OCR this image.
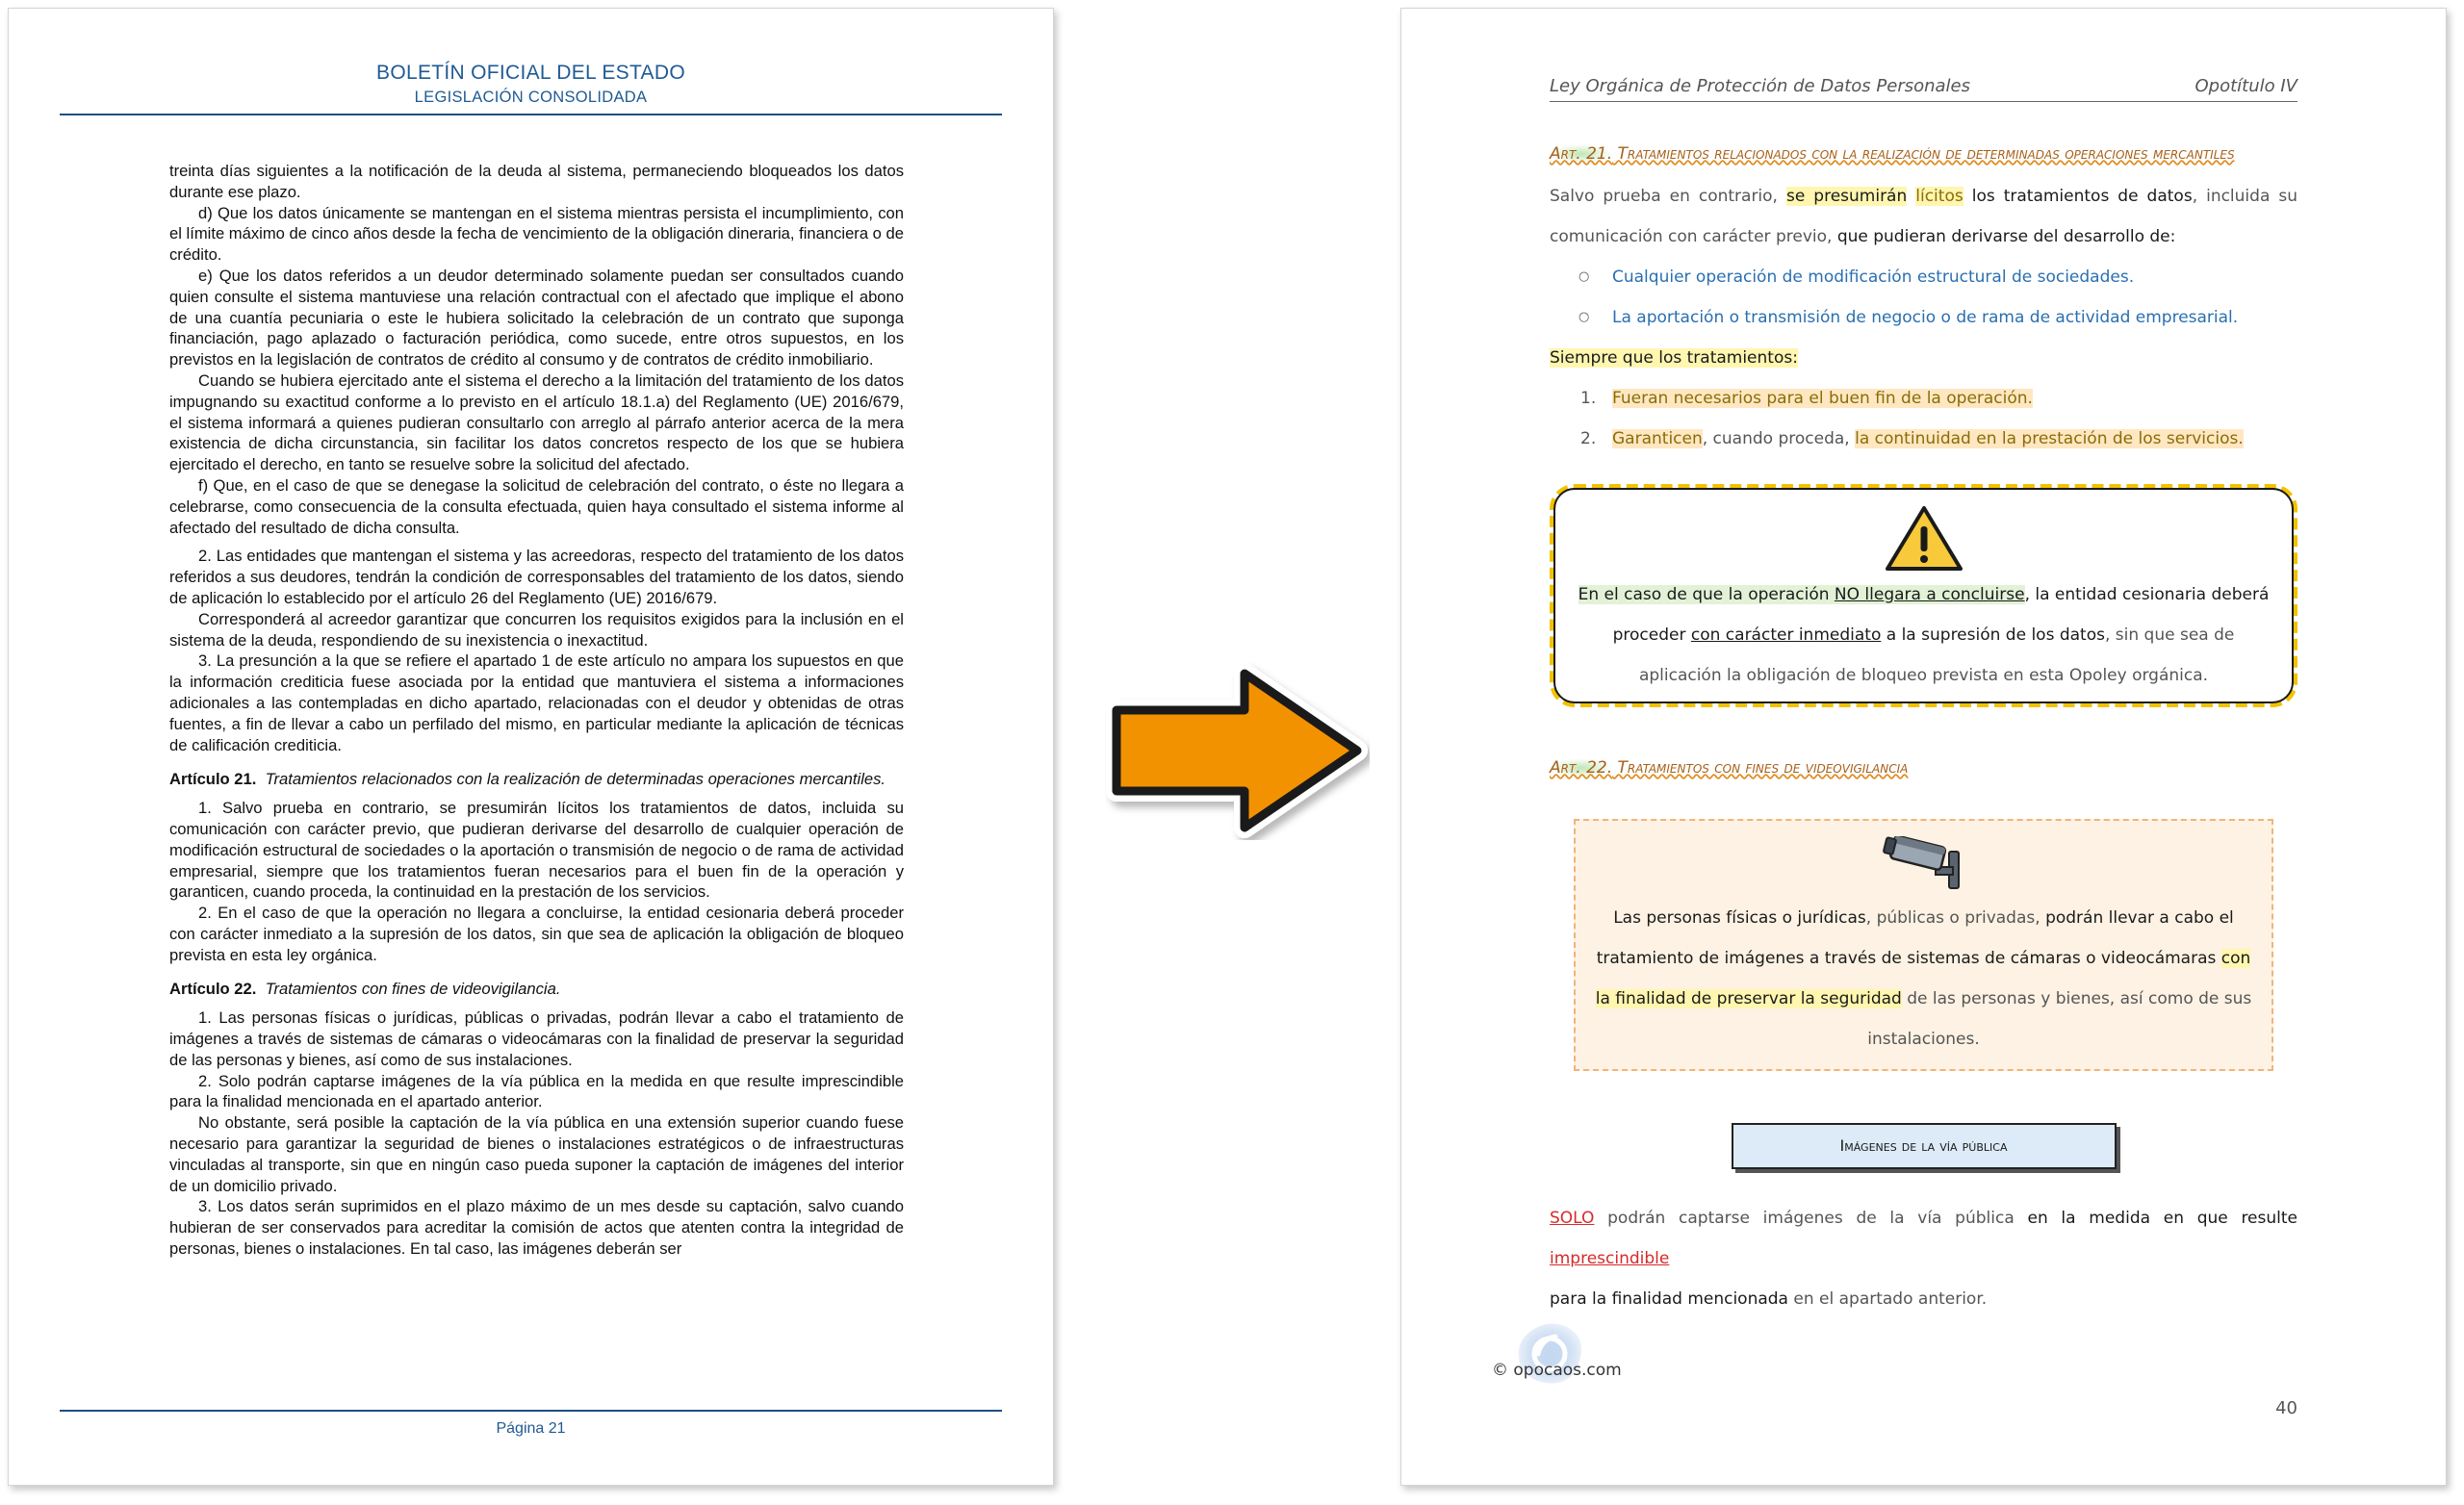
BOLETÍN OFICIAL DEL ESTADO
LEGISLACIÓN CONSOLIDADA

treinta días siguientes a la notificación de la deuda al sistema, permaneciendo bloqueados los datos durante ese plazo.

d) Que los datos únicamente se mantengan en el sistema mientras persista el incumplimiento, con el límite máximo de cinco años desde la fecha de vencimiento de la obligación dineraria, financiera o de crédito.

e) Que los datos referidos a un deudor determinado solamente puedan ser consultados cuando quien consulte el sistema mantuviese una relación contractual con el afectado que implique el abono de una cuantía pecuniaria o este le hubiera solicitado la celebración de un contrato que suponga financiación, pago aplazado o facturación periódica, como sucede, entre otros supuestos, en los previstos en la legislación de contratos de crédito al consumo y de contratos de crédito inmobiliario.

Cuando se hubiera ejercitado ante el sistema el derecho a la limitación del tratamiento de los datos impugnando su exactitud conforme a lo previsto en el artículo 18.1.a) del Reglamento (UE) 2016/679, el sistema informará a quienes pudieran consultarlo con arreglo al párrafo anterior acerca de la mera existencia de dicha circunstancia, sin facilitar los datos concretos respecto de los que se hubiera ejercitado el derecho, en tanto se resuelve sobre la solicitud del afectado.

f) Que, en el caso de que se denegase la solicitud de celebración del contrato, o éste no llegara a celebrarse, como consecuencia de la consulta efectuada, quien haya consultado el sistema informe al afectado del resultado de dicha consulta.

2. Las entidades que mantengan el sistema y las acreedoras, respecto del tratamiento de los datos referidos a sus deudores, tendrán la condición de corresponsables del tratamiento de los datos, siendo de aplicación lo establecido por el artículo 26 del Reglamento (UE) 2016/679.

Corresponderá al acreedor garantizar que concurren los requisitos exigidos para la inclusión en el sistema de la deuda, respondiendo de su inexistencia o inexactitud.

3. La presunción a la que se refiere el apartado 1 de este artículo no ampara los supuestos en que la información crediticia fuese asociada por la entidad que mantuviera el sistema a informaciones adicionales a las contempladas en dicho apartado, relacionadas con el deudor y obtenidas de otras fuentes, a fin de llevar a cabo un perfilado del mismo, en particular mediante la aplicación de técnicas de calificación crediticia.

Artículo 21. Tratamientos relacionados con la realización de determinadas operaciones mercantiles.

1. Salvo prueba en contrario, se presumirán lícitos los tratamientos de datos, incluida su comunicación con carácter previo, que pudieran derivarse del desarrollo de cualquier operación de modificación estructural de sociedades o la aportación o transmisión de negocio o de rama de actividad empresarial, siempre que los tratamientos fueran necesarios para el buen fin de la operación y garanticen, cuando proceda, la continuidad en la prestación de los servicios.

2. En el caso de que la operación no llegara a concluirse, la entidad cesionaria deberá proceder con carácter inmediato a la supresión de los datos, sin que sea de aplicación la obligación de bloqueo prevista en esta ley orgánica.

Artículo 22. Tratamientos con fines de videovigilancia.

1. Las personas físicas o jurídicas, públicas o privadas, podrán llevar a cabo el tratamiento de imágenes a través de sistemas de cámaras o videocámaras con la finalidad de preservar la seguridad de las personas y bienes, así como de sus instalaciones.

2. Solo podrán captarse imágenes de la vía pública en la medida en que resulte imprescindible para la finalidad mencionada en el apartado anterior.

No obstante, será posible la captación de la vía pública en una extensión superior cuando fuese necesario para garantizar la seguridad de bienes o instalaciones estratégicos o de infraestructuras vinculadas al transporte, sin que en ningún caso pueda suponer la captación de imágenes del interior de un domicilio privado.

3. Los datos serán suprimidos en el plazo máximo de un mes desde su captación, salvo cuando hubieran de ser conservados para acreditar la comisión de actos que atenten contra la integridad de personas, bienes o instalaciones. En tal caso, las imágenes deberán ser

Página 21
Ley Orgánica de Protección de Datos Personales	Opotítulo IV
Art. 21. Tratamientos relacionados con la realización de determinadas operaciones mercantiles

Salvo prueba en contrario, se presumirán lícitos los tratamientos de datos, incluida su comunicación con carácter previo, que pudieran derivarse del desarrollo de:

○ Cualquier operación de modificación estructural de sociedades.
○ La aportación o transmisión de negocio o de rama de actividad empresarial.

Siempre que los tratamientos:

1. Fueran necesarios para el buen fin de la operación.
2. Garanticen, cuando proceda, la continuidad en la prestación de los servicios.
En el caso de que la operación NO llegara a concluirse, la entidad cesionaria deberá proceder con carácter inmediato a la supresión de los datos, sin que sea de aplicación la obligación de bloqueo prevista en esta Opoley orgánica.
Art. 22. Tratamientos con fines de videovigilancia
Las personas físicas o jurídicas, públicas o privadas, podrán llevar a cabo el tratamiento de imágenes a través de sistemas de cámaras o videocámaras con la finalidad de preservar la seguridad de las personas y bienes, así como de sus instalaciones.
Imágenes de la vía pública

SOLO podrán captarse imágenes de la vía pública en la medida en que resulte imprescindible
para la finalidad mencionada en el apartado anterior.

© opocaos.com
40
